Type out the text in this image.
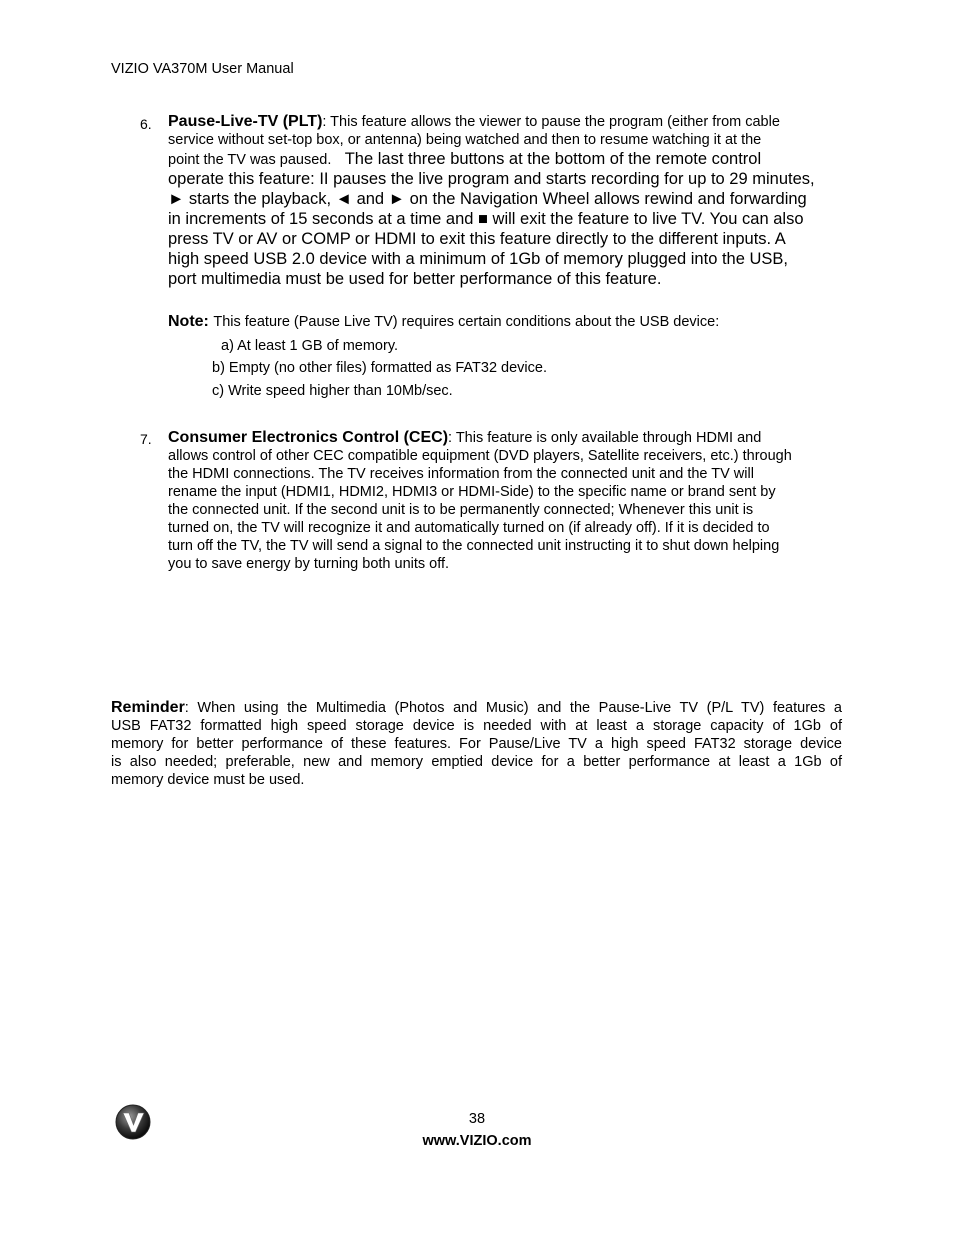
VIZIO VA370M User Manual
6. Pause-Live-TV (PLT): This feature allows the viewer to pause the program (either from cable
service without set-top box, or antenna) being watched and then to resume watching it at the
point the TV was paused. The last three buttons at the bottom of the remote control
operate this feature: II pauses the live program and starts recording for up to 29 minutes,
► starts the playback, ◄ and ► on the Navigation Wheel allows rewind and forwarding
in increments of 15 seconds at a time and ■ will exit the feature to live TV. You can also
press TV or AV or COMP or HDMI to exit this feature directly to the different inputs. A
high speed USB 2.0 device with a minimum of 1Gb of memory plugged into the USB,
port multimedia must be used for better performance of this feature.
Note: This feature (Pause Live TV) requires certain conditions about the USB device:
a) At least 1 GB of memory.
b) Empty (no other files) formatted as FAT32 device.
c) Write speed higher than 10Mb/sec.
7. Consumer Electronics Control (CEC): This feature is only available through HDMI and
allows control of other CEC compatible equipment (DVD players, Satellite receivers, etc.) through
the HDMI connections. The TV receives information from the connected unit and the TV will
rename the input (HDMI1, HDMI2, HDMI3 or HDMI-Side) to the specific name or brand sent by
the connected unit. If the second unit is to be permanently connected; Whenever this unit is
turned on, the TV will recognize it and automatically turned on (if already off). If it is decided to
turn off the TV, the TV will send a signal to the connected unit instructing it to shut down helping
you to save energy by turning both units off.
Reminder: When using the Multimedia (Photos and Music) and the Pause-Live TV (P/L TV) features a
USB FAT32 formatted high speed storage device is needed with at least a storage capacity of 1Gb of
memory for better performance of these features. For Pause/Live TV a high speed FAT32 storage device
is also needed; preferable, new and memory emptied device for a better performance at least a 1Gb of
memory device must be used.
38
www.VIZIO.com
